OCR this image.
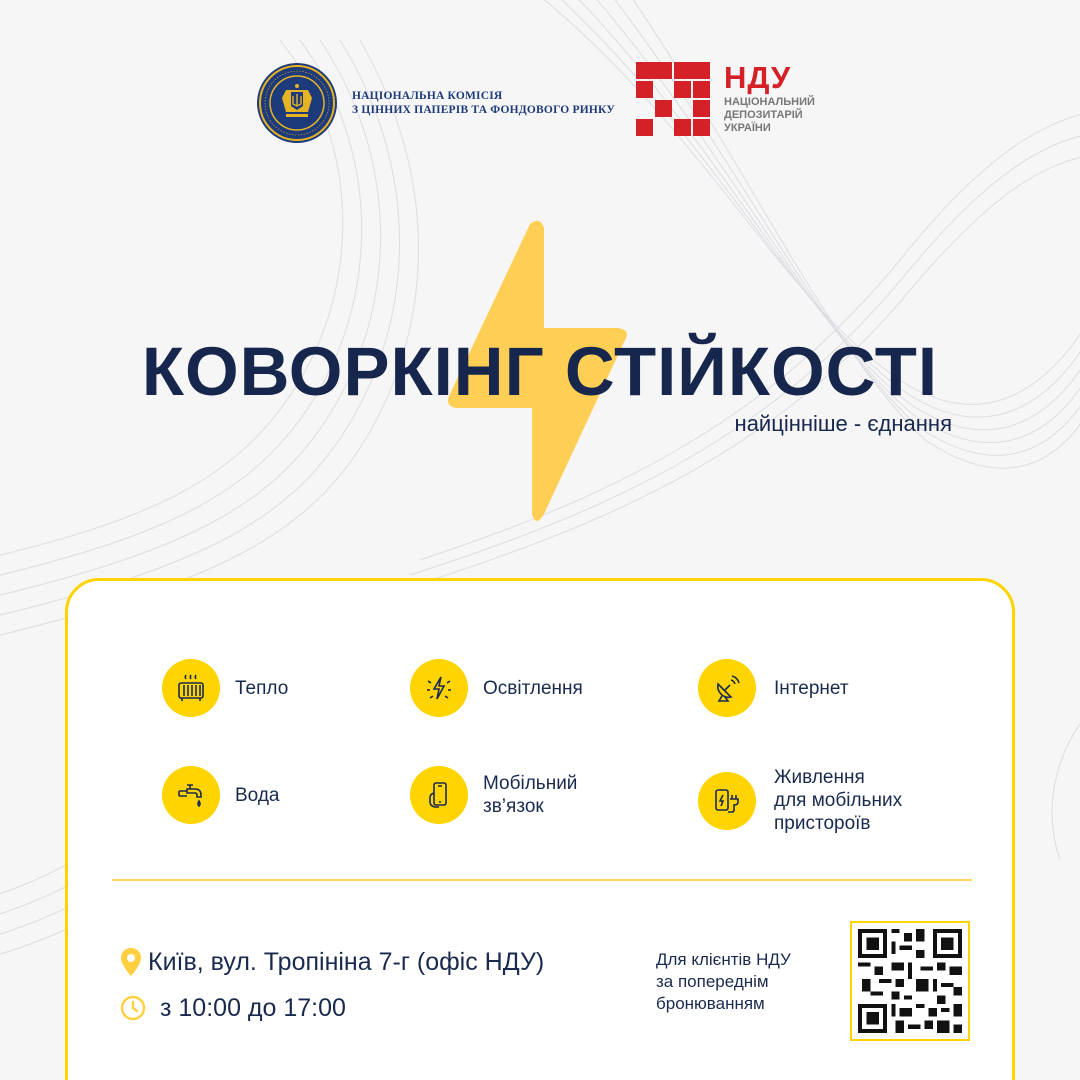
НАЦІОНАЛЬНА КОМІСІЯ
З ЦІННИХ ПАПЕРІВ ТА ФОНДОВОГО РИНКУ
НДУ
НАЦІОНАЛЬНИЙ
ДЕПОЗИТАРІЙ
УКРАЇНИ
КОВОРКІНГ СТІЙКОСТІ
найцінніше - єднання
Тепло	Освітлення	Інтернет
Вода
Мобільний
зв’язок
Живлення
для мобільних
пристороїв
Київ, вул. Тропініна 7-г (офіс НДУ)
з 10:00 до 17:00
Для клієнтів НДУ
за попереднім
бронюванням
